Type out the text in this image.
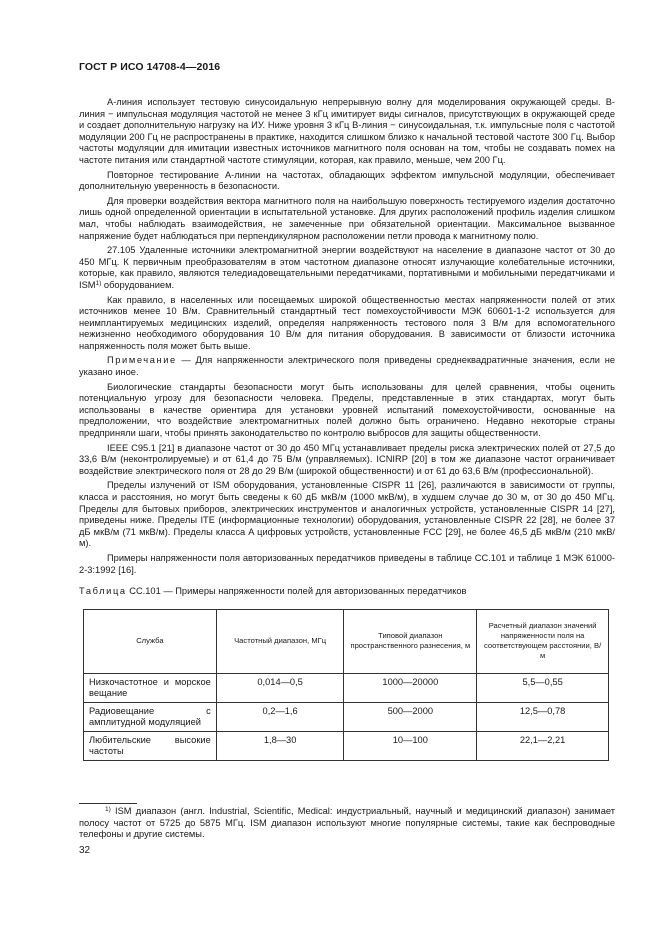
ГОСТ Р ИСО 14708-4—2016

A-линия использует тестовую синусоидальную непрерывную волну для моделирования окружающей среды. B-линия − импульсная модуляция частотой не менее 3 кГц имитирует виды сигналов, присутствующих в окружающей среде и создает дополнительную нагрузку на ИУ. Ниже уровня 3 кГц B-линия − синусоидальная, т.к. импульсные поля с частотой модуляции 200 Гц не распространены в практике, находится слишком близко к начальной тестовой частоте 300 Гц. Выбор частоты модуляции для имитации известных источников магнитного поля основан на том, чтобы не создавать помех на частоте питания или стандартной частоте стимуляции, которая, как правило, меньше, чем 200 Гц.

Повторное тестирование A-линии на частотах, обладающих эффектом импульсной модуляции, обеспечивает дополнительную уверенность в безопасности.

Для проверки воздействия вектора магнитного поля на наибольшую поверхность тестируемого изделия достаточно лишь одной определенной ориентации в испытательной установке. Для других расположений профиль изделия слишком мал, чтобы наблюдать взаимодействия, не замеченные при обязательной ориентации. Максимальное вызванное напряжение будет наблюдаться при перпендикулярном расположении петли провода к магнитному полю.

27.105 Удаленные источники электромагнитной энергии воздействуют на население в диапазоне частот от 30 до 450 МГц. К первичным преобразователям в этом частотном диапазоне относят излучающие колебательные источники, которые, как правило, являются теледиадовещательными передатчиками, портативными и мобильными передатчиками и ISM$^{1)}$ оборудованием.

Как правило, в населенных или посещаемых широкой общественностью местах напряженности полей от этих источников менее 10 В/м. Сравнительный стандартный тест помехоустойчивости МЭК 60601-1-2 используется для неимплантируемых медицинских изделий, определяя напряженность тестового поля 3 В/м для вспомогательного нежизненно необходимого оборудования 10 В/м для питания оборудования. В зависимости от близости источника напряженность поля может быть выше.

Примечание — Для напряженности электрического поля приведены среднеквадратичные значения, если не указано иное.

Биологические стандарты безопасности могут быть использованы для целей сравнения, чтобы оценить потенциальную угрозу для безопасности человека. Пределы, представленные в этих стандартах, могут быть использованы в качестве ориентира для установки уровней испытаний помехоустойчивости, основанные на предположении, что воздействие электромагнитных полей должно быть ограничено. Недавно некоторые страны предприняли шаги, чтобы принять законодательство по контролю выбросов для защиты общественности.

IEEE C95.1 [21] в диапазоне частот от 30 до 450 МГц устанавливает пределы риска электрических полей от 27,5 до 33,6 В/м (неконтролируемые) и от 61,4 до 75 В/м (управляемых). ICNIRP [20] в том же диапазоне частот ограничивает воздействие электрического поля от 28 до 29 В/м (широкой общественности) и от 61 до 63,6 В/м (профессиональной).

Пределы излучений от ISM оборудования, установленные CISPR 11 [26], различаются в зависимости от группы, класса и расстояния, но могут быть сведены к 60 дБ мкВ/м (1000 мкВ/м), в худшем случае до 30 м, от 30 до 450 МГц. Пределы для бытовых приборов, электрических инструментов и аналогичных устройств, установленные CISPR 14 [27], приведены ниже. Пределы ITE (информационные технологии) оборудования, установленные CISPR 22 [28], не более 37 дБ мкВ/м (71 мкВ/м). Пределы класса A цифровых устройств, установленные FCC [29], не более 46,5 дБ мкВ/м (210 мкВ/м).

Примеры напряженности поля авторизованных передатчиков приведены в таблице CC.101 и таблице 1 МЭК 61000-2-3:1992 [16].

Таблица CC.101 — Примеры напряженности полей для авторизованных передатчиков

Служба	Частотный диапазон, МГц	Типовой диапазон пространственного разнесения, м	Расчетный диапазон значений напряженности поля на соответствующем расстоянии, В/м
Низкочастотное и морское вещание	0,014—0,5	1000—20000	5,5—0,55
Радиовещание с амплитудной модуляцией	0,2—1,6	500—2000	12,5—0,78
Любительские высокие частоты	1,8—30	10—100	22,1—2,21
$^{1)}$ ISM диапазон (англ. Industrial, Scientific, Medical: индустриальный, научный и медицинский диапазон) занимает полосу частот от 5725 до 5875 МГц. ISM диапазон используют многие популярные системы, такие как беспроводные телефоны и другие системы.
32
